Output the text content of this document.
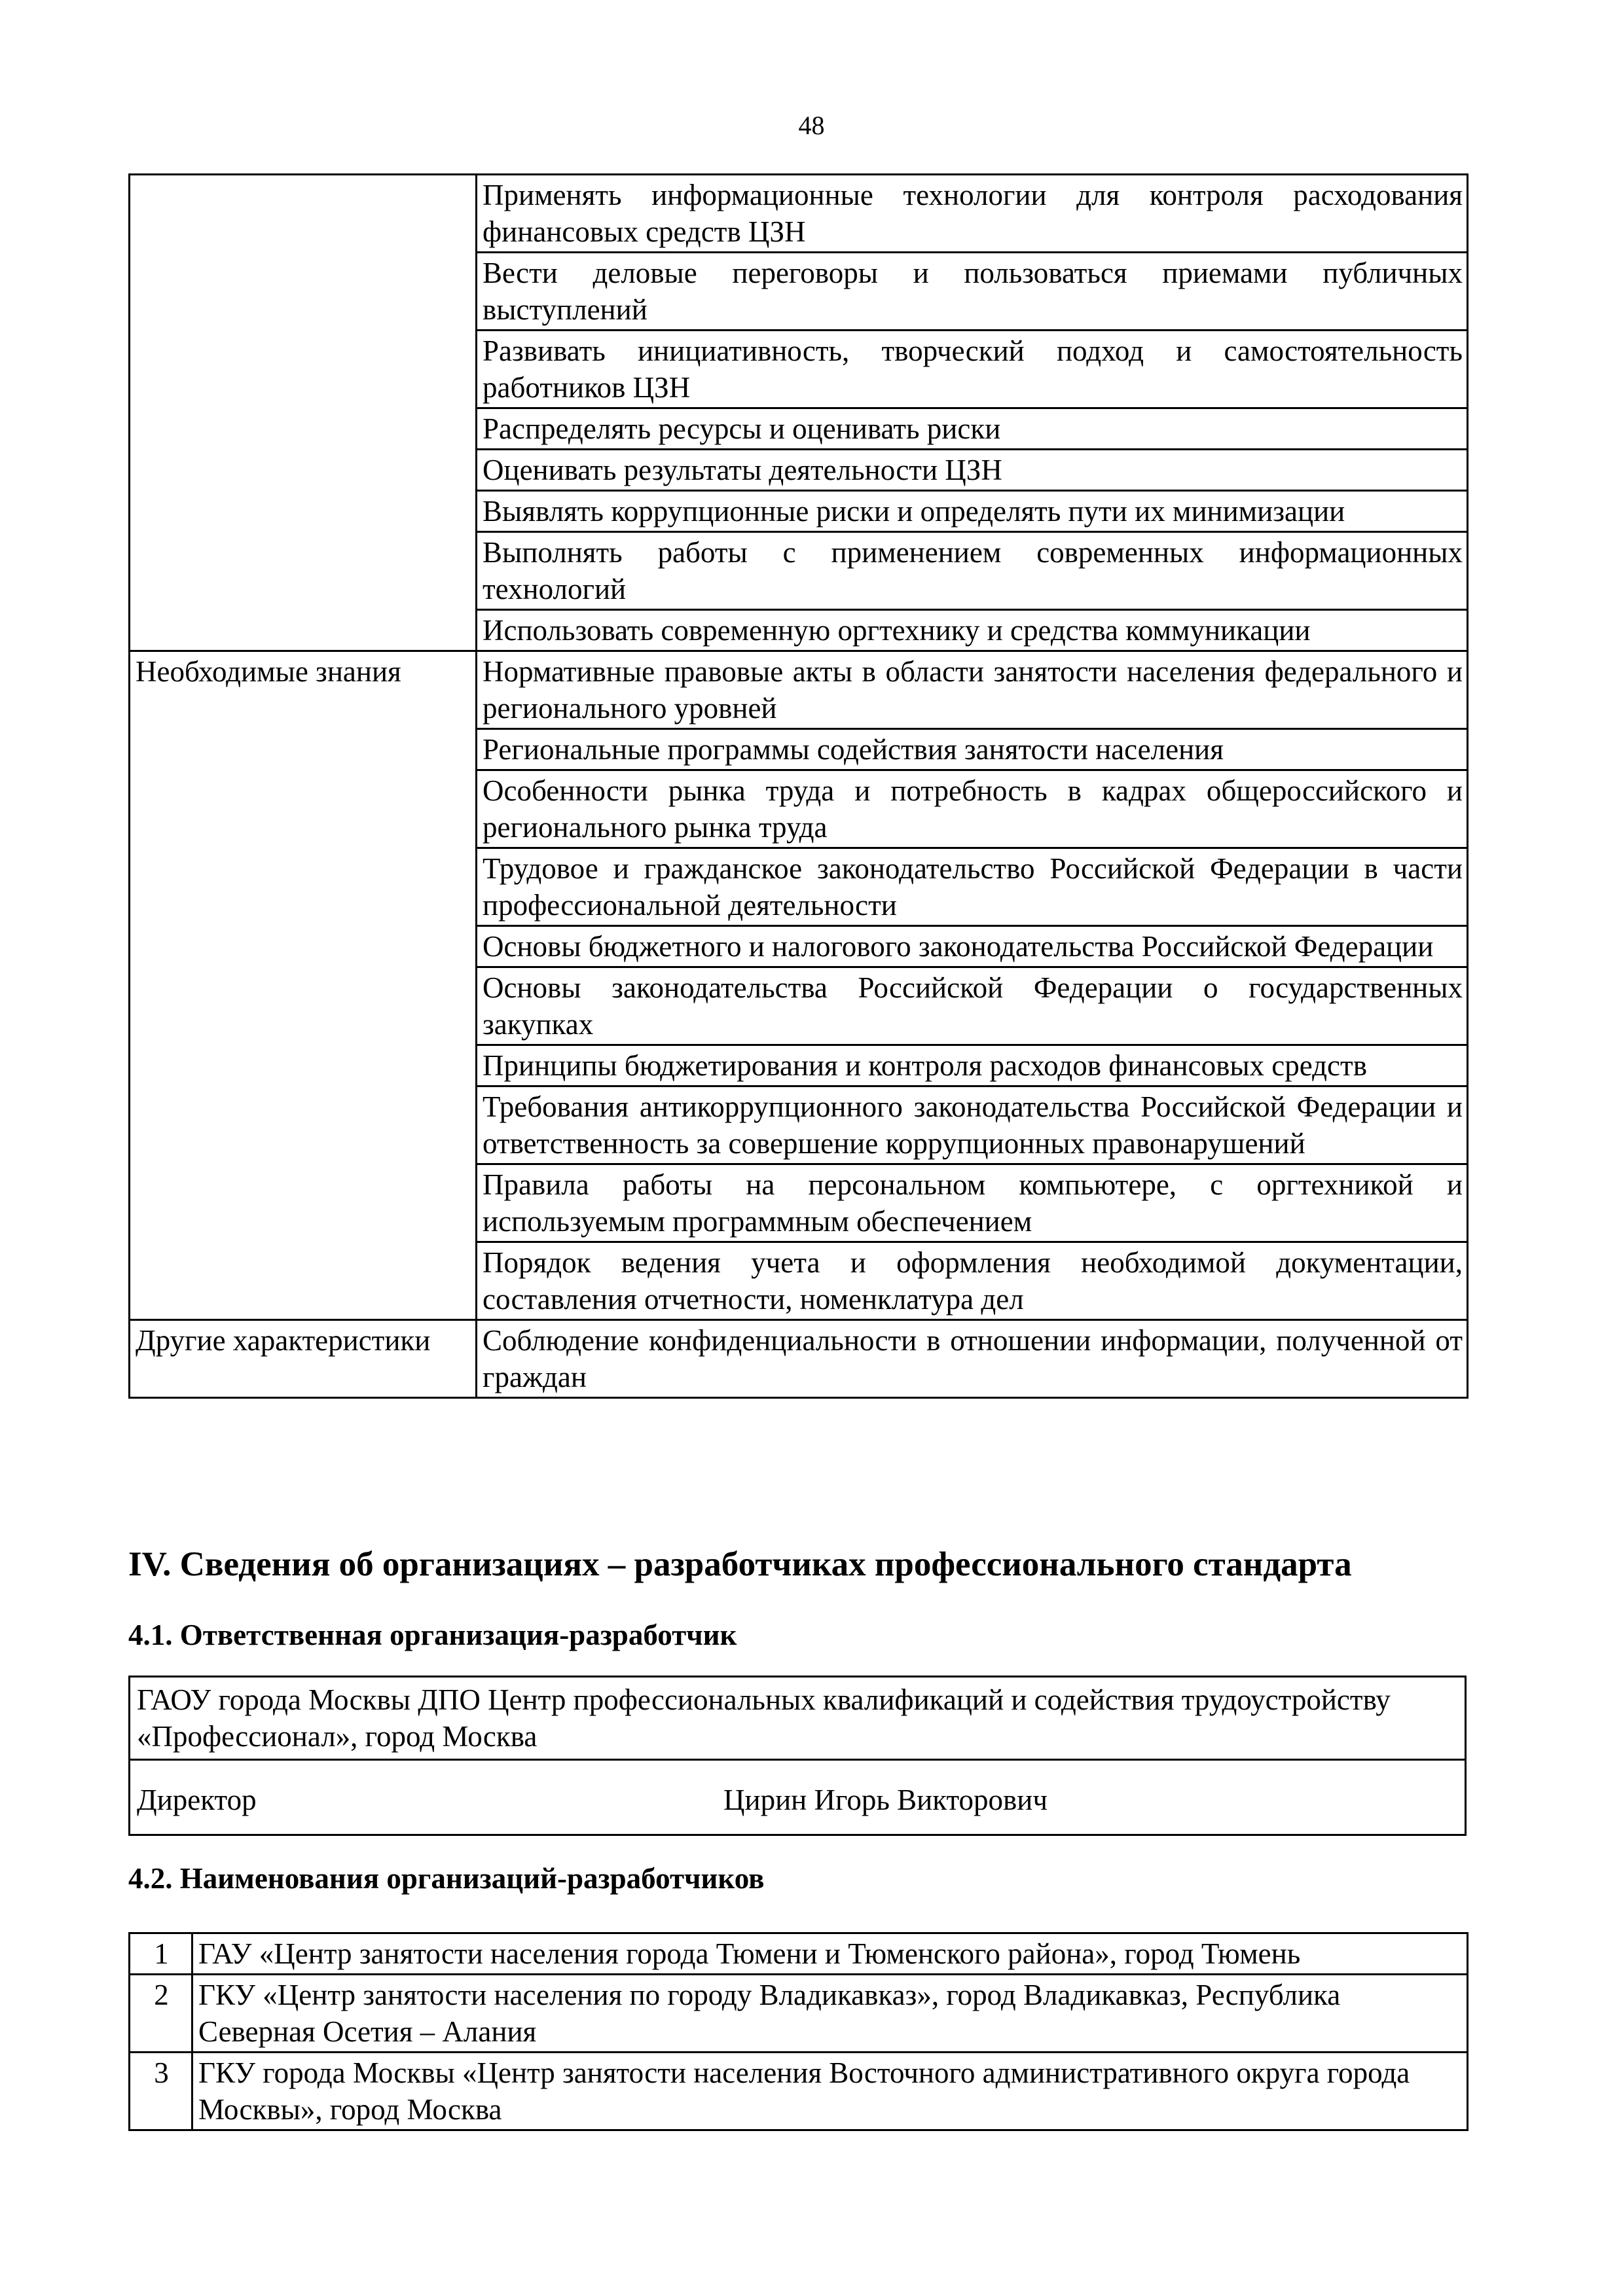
48
	Применять информационные технологии для контроля расходования финансовых средств ЦЗН
	Вести деловые переговоры и пользоваться приемами публичных выступлений
	Развивать инициативность, творческий подход и самостоятельность работников ЦЗН
	Распределять ресурсы и оценивать риски
	Оценивать результаты деятельности ЦЗН
	Выявлять коррупционные риски и определять пути их минимизации
	Выполнять работы с применением современных информационных технологий
	Использовать современную оргтехнику и средства коммуникации
Необходимые знания	Нормативные правовые акты в области занятости населения федерального и регионального уровней
	Региональные программы содействия занятости населения
	Особенности рынка труда и потребность в кадрах общероссийского и регионального рынка труда
	Трудовое и гражданское законодательство Российской Федерации в части профессиональной деятельности
	Основы бюджетного и налогового законодательства Российской Федерации
	Основы законодательства Российской Федерации о государственных закупках
	Принципы бюджетирования и контроля расходов финансовых средств
	Требования антикоррупционного законодательства Российской Федерации и ответственность за совершение коррупционных правонарушений
	Правила работы на персональном компьютере, с оргтехникой и используемым программным обеспечением
	Порядок ведения учета и оформления необходимой документации, составления отчетности, номенклатура дел
Другие характеристики	Соблюдение конфиденциальности в отношении информации, полученной от граждан
IV. Сведения об организациях – разработчиках профессионального стандарта
4.1. Ответственная организация-разработчик
ГАОУ города Москвы ДПО Центр профессиональных квалификаций и содействия трудоустройству «Профессионал», город Москва

Директор	Цирин Игорь Викторович
4.2. Наименования организаций-разработчиков
1	ГАУ «Центр занятости населения города Тюмени и Тюменского района», город Тюмень
2	ГКУ «Центр занятости населения по городу Владикавказ», город Владикавказ, Республика Северная Осетия – Алания
3	ГКУ города Москвы «Центр занятости населения Восточного административного округа города Москвы», город Москва
